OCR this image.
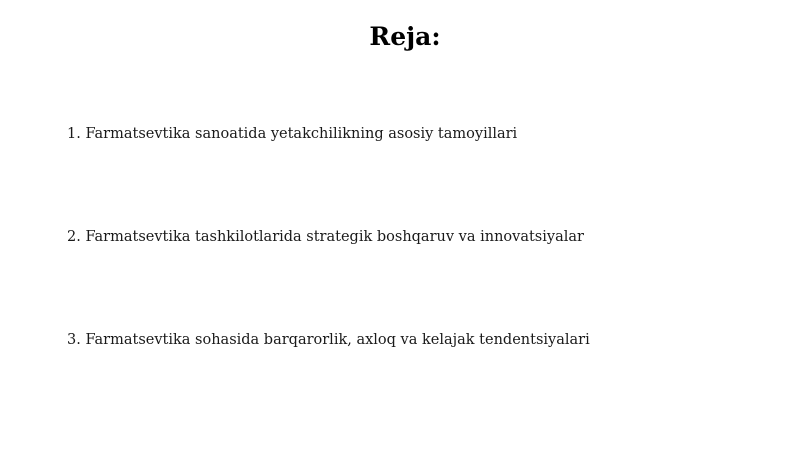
Reja:
1. Farmatsevtika sanoatida yetakchilikning asosiy tamoyillari
2. Farmatsevtika tashkilotlarida strategik boshqaruv va innovatsiyalar
3. Farmatsevtika sohasida barqarorlik, axloq va kelajak tendentsiyalari
